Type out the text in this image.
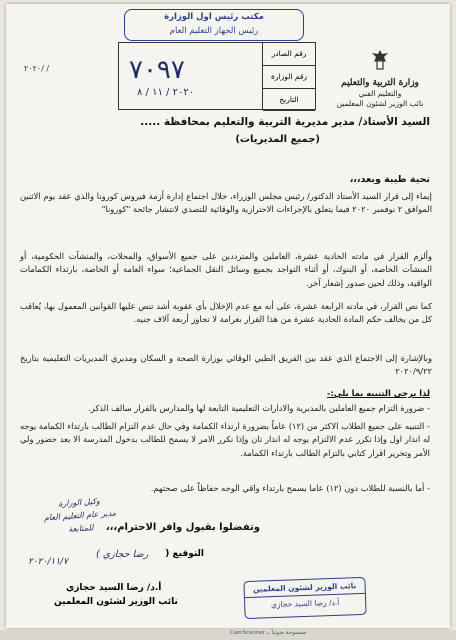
مكتب رئيس اول الوزارة
رئيس الجهاز التعليم العام
وزارة التربية والتعليم
والتعليم الفني
نائب الوزير لشئون المعلمين
٧٠٩٧
٢٠٢٠ / ١١ / ٨
رقم الصادر
رقم الوزارة
التاريخ
٢٠٢٠/ /
السيد الأستاذ/ مدير مديرية التربية والتعليم بمحافظة .....
(جميع المديريات)
تحية طيبة وبعد،،،
إيماء إلى قرار السيد الأستاذ الدكتور/ رئيس مجلس الوزراء، خلال اجتماع إدارة أزمة فيروس كورونا والذي عقد يوم الاثنين الموافق ٢ نوفمبر ٢٠٢٠ فيما يتعلق بالإجراءات الاحترازية والوقائية للتصدي لانتشار جائحة "كورونا"
وألزم القرار في مادته الحادية عشرة، العاملين والمترددين على جميع الأسواق، والمحلات، والمنشآت الحكومية، أو المنشآت الخاصة، أو البنوك، أو أثناء التواجد بجميع وسائل النقل الجماعية؛ سواء العامة أو الخاصة، بارتداء الكمامات الواقية، وذلك لحين صدور إشعار آخر.
كما نص القرار، في مادته الرابعة عشرة، على أنه مع عدم الإخلال بأي عقوبة أشد تنص عليها القوانين المعمول بها، يُعاقب كل من يخالف حكم المادة الحادية عشرة من هذا القرار بغرامة لا تجاوز أربعة آلاف جنيه.
وبالإشارة إلى الاجتماع الذي عقد بين الفريق الطبي الوقائي بوزارة الصحة و السكان ومديري المديريات التعليمية بتاريخ ٢٠٢٠/٩/٢٢
لذا يرجى التنبيه بما يلي:-
- ضرورة التزام جميع العاملين بالمديرية والادارات التعليمية التابعة لها والمدارس بالقرار سالف الذكر.
- التنبيه على جميع الطلاب الاكثر من (١٢) عاماً بضرورة ارتداء الكمامة وفي حال عدم التزام الطالب بارتداء الكمامة يوجه له انذار اول وإذا تكرر عدم الالتزام يوجه له انذار ثان وإذا تكرر الامر لا يسمح للطالب بدخول المدرسة الا بعد حضور ولي الأمر وتحرير اقرار كتابي بالتزام الطالب بارتداء الكمامة.
- أما بالنسبة للطلاب دون (١٢) عاما يسمح بارتداء واقي الوجه حفاظاً على صحتهم.
وتفضلوا بقبول وافر الاحترام،،،
وكيل الوزارة
مدير عام التعليم العام
للمتابعة
التوقيع (
رضا حجازي )
٢٠٢٠/١١/٧
أ.د/ رضا السيد حجازي
نائب الوزير لشئون المعلمين
نائب الوزير لشئون المعلمين
أ.د/ رضا السيد حجازي
ممسوحة ضوئياً بـ CamScanner
